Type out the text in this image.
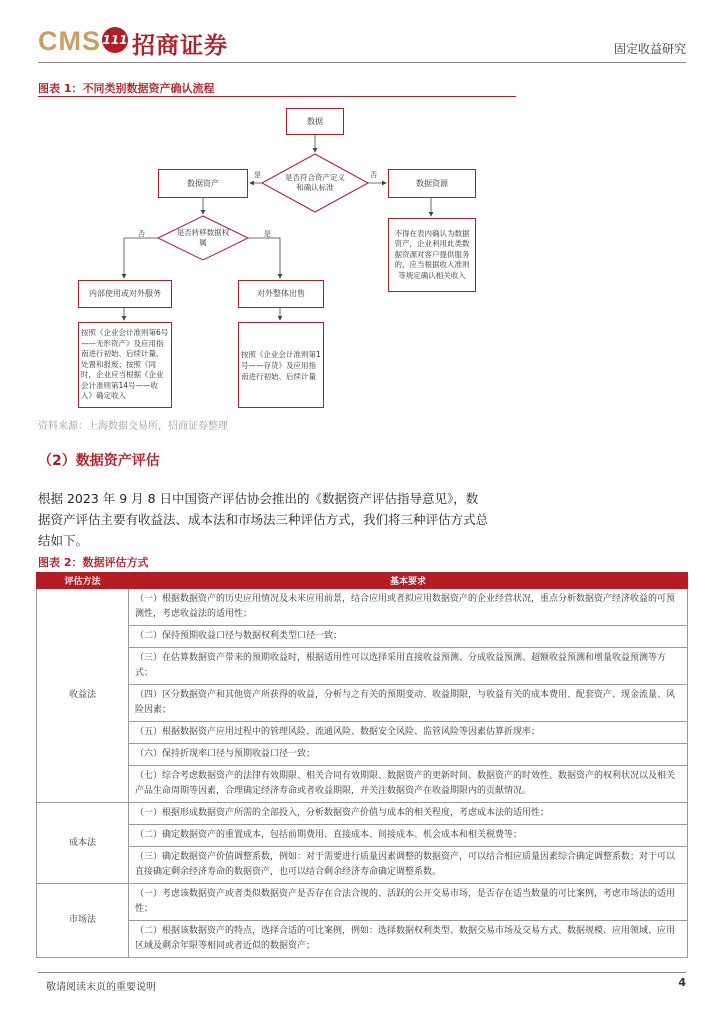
CMS 111 招商证券	固定收益研究
图表 1：不同类别数据资产确认流程
数据
是否符合资产定义和确认标准
是	否
数据资产	数据资源
不得在表内确认为数据资产，企业利用此类数据资源对客户提供服务的，应当根据收入准则等规定确认相关收入
是否转移数据权属
否	是
内部使用或对外服务	对外整体出售
按照《企业会计准则第6号——无形资产》及应用指南进行初始、后续计量、处置和报废；按照《同时，企业应当根据《企业会计准则第14号——收入》确定收入
按照《企业会计准则第1号——存货》及应用指南进行初始、后续计量
资料来源：上海数据交易所，招商证券整理
（2）数据资产评估
根据 2023 年 9 月 8 日中国资产评估协会推出的《数据资产评估指导意见》，数据资产评估主要有收益法、成本法和市场法三种评估方式，我们将三种评估方式总结如下。
图表 2：数据评估方式
评估方法	基本要求
收益法	（一）根据数据资产的历史应用情况及未来应用前景，结合应用或者拟应用数据资产的企业经营状况，重点分析数据资产经济收益的可预测性，考虑收益法的适用性；
	（二）保持预期收益口径与数据权利类型口径一致；
	（三）在估算数据资产带来的预期收益时，根据适用性可以选择采用直接收益预测、分成收益预测、超额收益预测和增量收益预测等方式；
	（四）区分数据资产和其他资产所获得的收益，分析与之有关的预期变动、收益期限，与收益有关的成本费用、配套资产、现金流量、风险因素；
	（五）根据数据资产应用过程中的管理风险、流通风险、数据安全风险、监管风险等因素估算折现率；
	（六）保持折现率口径与预期收益口径一致；
	（七）综合考虑数据资产的法律有效期限、相关合同有效期限、数据资产的更新时间、数据资产的时效性、数据资产的权利状况以及相关产品生命周期等因素，合理确定经济寿命或者收益期限，并关注数据资产在收益期限内的贡献情况。
成本法	（一）根据形成数据资产所需的全部投入，分析数据资产价值与成本的相关程度，考虑成本法的适用性；
	（二）确定数据资产的重置成本，包括前期费用、直接成本、间接成本、机会成本和相关税费等；
	（三）确定数据资产价值调整系数，例如：对于需要进行质量因素调整的数据资产，可以结合相应质量因素综合确定调整系数；对于可以直接确定剩余经济寿命的数据资产，也可以结合剩余经济寿命确定调整系数。
市场法	（一）考虑该数据资产或者类似数据资产是否存在合法合规的、活跃的公开交易市场，是否存在适当数量的可比案例，考虑市场法的适用性；
	（二）根据该数据资产的特点，选择合适的可比案例，例如：选择数据权利类型、数据交易市场及交易方式、数据规模、应用领域、应用区域及剩余年限等相同或者近似的数据资产；
敬请阅读末页的重要说明	4
